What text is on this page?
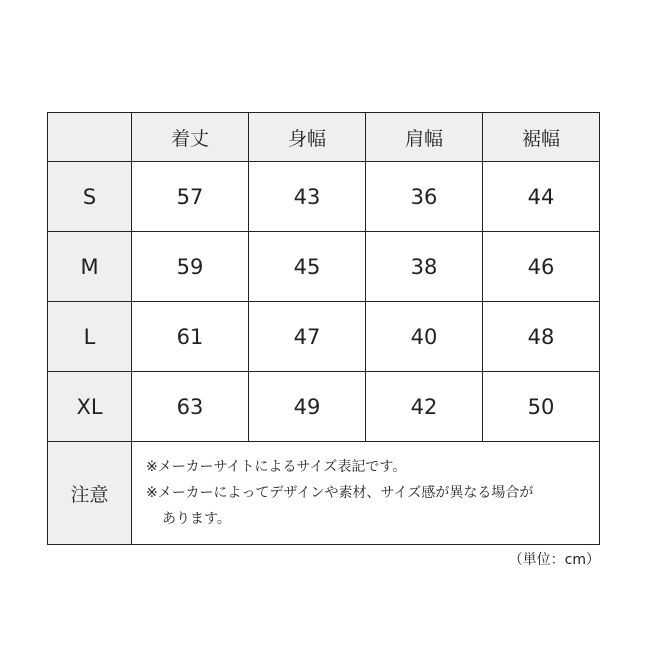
	着丈	身幅	肩幅	裾幅
S	57	43	36	44
M	59	45	38	46
L	61	47	40	48
XL	63	49	42	50
注意	※メーカーサイトによるサイズ表記です。
※メーカーによってデザインや素材、サイズ感が異なる場合が
あります。			
（単位：cm）
